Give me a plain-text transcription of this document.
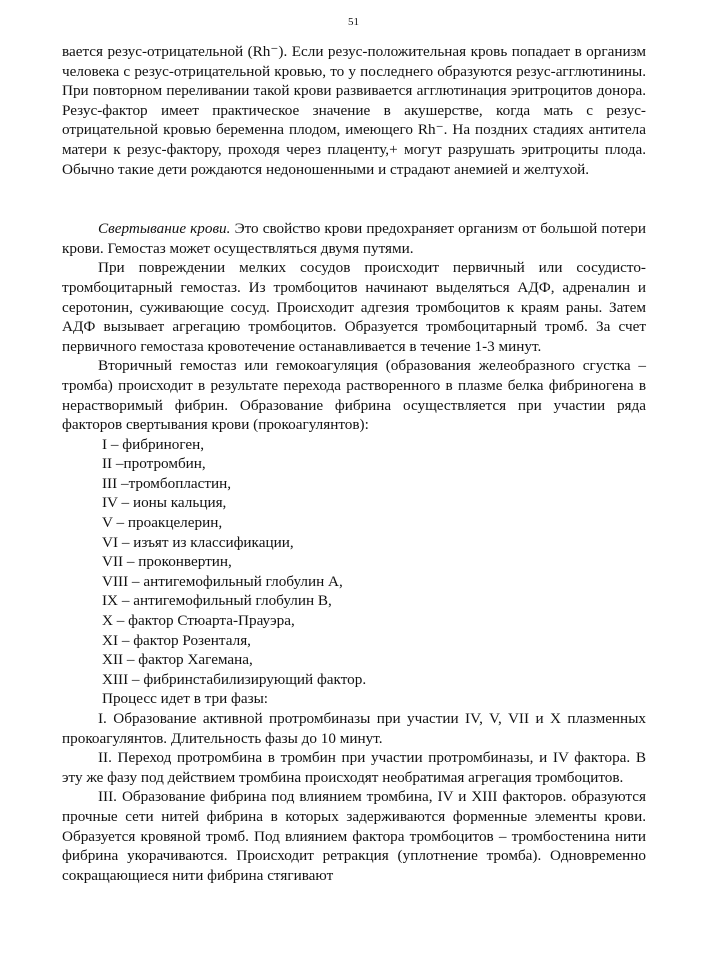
51

вается резус-отрицательной (Rh⁻). Если резус-положительная кровь попадает в организм человека с резус-отрицательной кровью, то у последнего образуются резус-агглютинины. При повторном переливании такой крови развивается агглютинация эритроцитов донора. Резус-фактор имеет практическое значение в акушерстве, когда мать с резус-отрицательной кровью беременна плодом, имеющего Rh⁻. На поздних стадиях антитела матери к резус-фактору, проходя через плаценту,+ могут разрушать эритроциты плода. Обычно такие дети рождаются недоношенными и страдают анемией и желтухой.

Свертывание крови. Это свойство крови предохраняет организм от большой потери крови. Гемостаз может осуществляться двумя путями.

При повреждении мелких сосудов происходит первичный или сосудисто-тромбоцитарный гемостаз. Из тромбоцитов начинают выделяться АДФ, адреналин и серотонин, суживающие сосуд. Происходит адгезия тромбоцитов к краям раны. Затем АДФ вызывает агрегацию тромбоцитов. Образуется тромбоцитарный тромб. За счет первичного гемостаза кровотечение останавливается в течение 1-3 минут.

Вторичный гемостаз или гемокоагуляция (образования желеобразного сгустка – тромба) происходит в результате перехода растворенного в плазме белка фибриногена в нерастворимый фибрин. Образование фибрина осуществляется при участии ряда факторов свертывания крови (прокоагулянтов):

I – фибриноген,
II –протромбин,
III –тромбопластин,
IV – ионы кальция,
V – проакцелерин,
VI – изъят из классификации,
VII – проконвертин,
VIII – антигемофильный глобулин А,
IX – антигемофильный глобулин В,
X – фактор Стюарта-Прауэра,
XI – фактор Розенталя,
XII – фактор Хагемана,
XIII – фибринстабилизирующий фактор.

Процесс идет в три фазы:

I. Образование активной протромбиназы при участии IV, V, VII и X плазменных прокоагулянтов. Длительность фазы до 10 минут.

II. Переход протромбина в тромбин при участии протромбиназы, и IV фактора. В эту же фазу под действием тромбина происходят необратимая агрегация тромбоцитов.

III. Образование фибрина под влиянием тромбина, IV и XIII факторов. образуются прочные сети нитей фибрина в которых задерживаются форменные элементы крови. Образуется кровяной тромб. Под влиянием фактора тромбоцитов – тромбостенина нити фибрина укорачиваются. Происходит ретракция (уплотнение тромба). Одновременно сокращающиеся нити фибрина стягивают
